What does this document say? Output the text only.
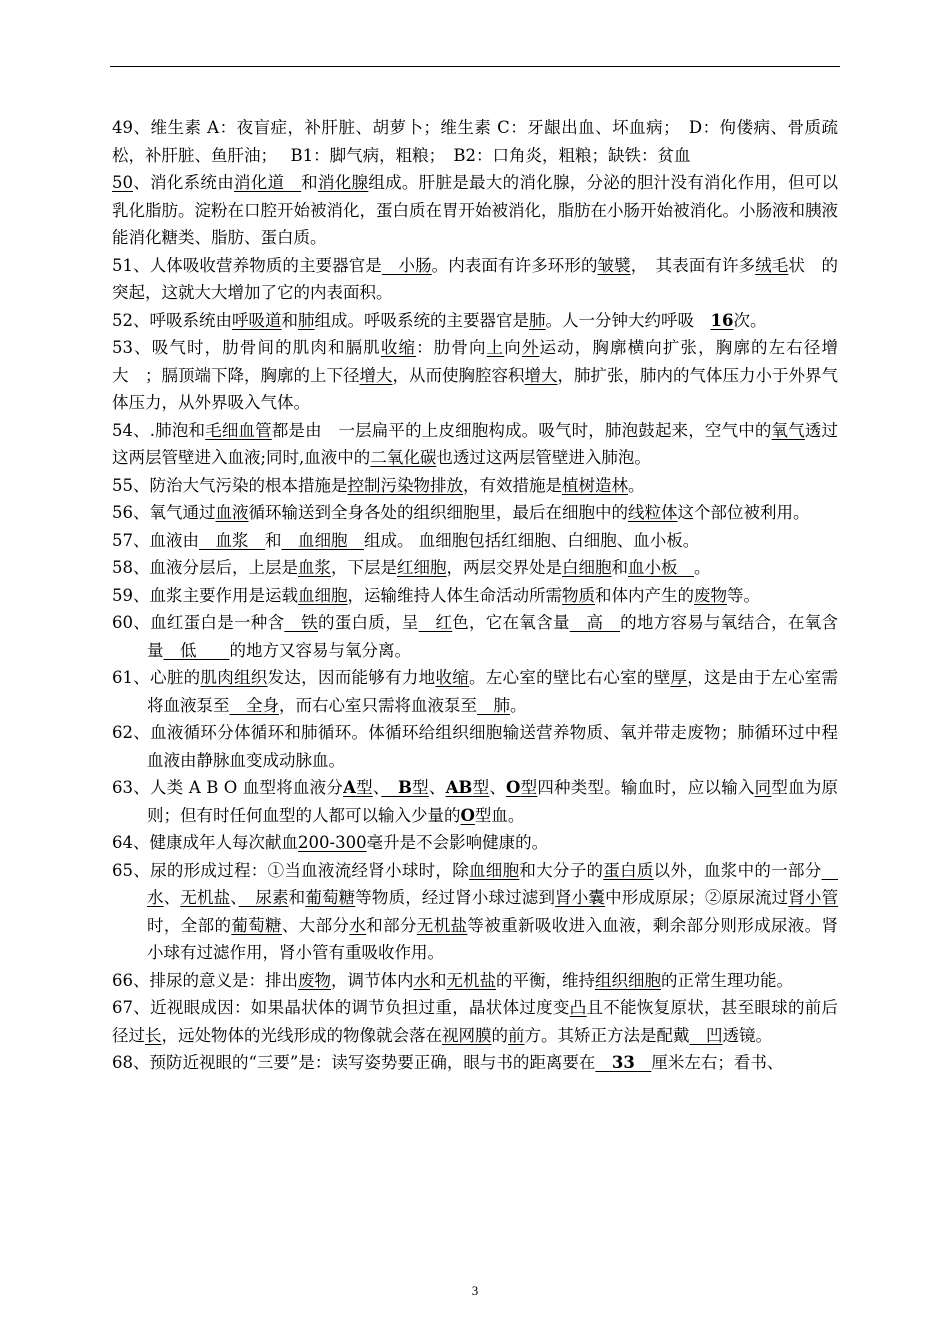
49、维生素 A：夜盲症，补肝脏、胡萝卜；维生素 C：牙龈出血、坏血病；　D：佝偻病、骨质疏松，补肝脏、鱼肝油；　 B1：脚气病，粗粮；　B2：口角炎，粗粮；缺铁：贫血

50、消化系统由消化道　和消化腺组成。肝脏是最大的消化腺，分泌的胆汁没有消化作用，但可以乳化脂肪。淀粉在口腔开始被消化，蛋白质在胃开始被消化，脂肪在小肠开始被消化。小肠液和胰液能消化糖类、脂肪、蛋白质。

51、人体吸收营养物质的主要器官是　小肠。内表面有许多环形的皱襞，　其表面有许多绒毛状　的突起，这就大大增加了它的内表面积。

52、呼吸系统由呼吸道和肺组成。呼吸系统的主要器官是肺。人一分钟大约呼吸　16次。

53、吸气时，肋骨间的肌肉和膈肌收缩：肋骨向上向外运动，胸廓横向扩张，胸廓的左右径增大　；膈顶端下降，胸廓的上下径增大，从而使胸腔容积增大，肺扩张，肺内的气体压力小于外界气体压力，从外界吸入气体。

54、.肺泡和毛细血管都是由　一层扁平的上皮细胞构成。吸气时，肺泡鼓起来，空气中的氧气透过这两层管壁进入血液;同时,血液中的二氧化碳也透过这两层管壁进入肺泡。

55、防治大气污染的根本措施是控制污染物排放，有效措施是植树造林。

56、氧气通过血液循环输送到全身各处的组织细胞里，最后在细胞中的线粒体这个部位被利用。

57、血液由　血浆　和　血细胞　组成。 血细胞包括红细胞、白细胞、血小板。

58、血液分层后，上层是血浆，下层是红细胞，两层交界处是白细胞和血小板　。

59、血浆主要作用是运载血细胞，运输维持人体生命活动所需物质和体内产生的废物等。

60、血红蛋白是一种含　铁的蛋白质，呈　红色，它在氧含量　高　的地方容易与氧结合，在氧含量　低　　的地方又容易与氧分离。

61、心脏的肌肉组织发达，因而能够有力地收缩。左心室的壁比右心室的壁厚，这是由于左心室需将血液泵至　全身，而右心室只需将血液泵至　肺。

62、血液循环分体循环和肺循环。体循环给组织细胞输送营养物质、氧并带走废物；肺循环过中程血液由静脉血变成动脉血。

63、人类 A B O 血型将血液分A型、　B型、AB型、O型四种类型。输血时，应以输入同型血为原则；但有时任何血型的人都可以输入少量的O型血。

64、健康成年人每次献血200-300毫升是不会影响健康的。

65、尿的形成过程：①当血液流经肾小球时，除血细胞和大分子的蛋白质以外，血浆中的一部分　水、无机盐、　尿素和葡萄糖等物质，经过肾小球过滤到肾小囊中形成原尿；②原尿流过肾小管时，全部的葡萄糖、大部分水和部分无机盐等被重新吸收进入血液，剩余部分则形成尿液。肾小球有过滤作用，肾小管有重吸收作用。

66、排尿的意义是：排出废物，调节体内水和无机盐的平衡，维持组织细胞的正常生理功能。

67、近视眼成因：如果晶状体的调节负担过重，晶状体过度变凸且不能恢复原状，甚至眼球的前后径过长，远处物体的光线形成的物像就会落在视网膜的前方。其矫正方法是配戴　凹透镜。

68、预防近视眼的“三要”是：读写姿势要正确，眼与书的距离要在　33　厘米左右；看书、

3
